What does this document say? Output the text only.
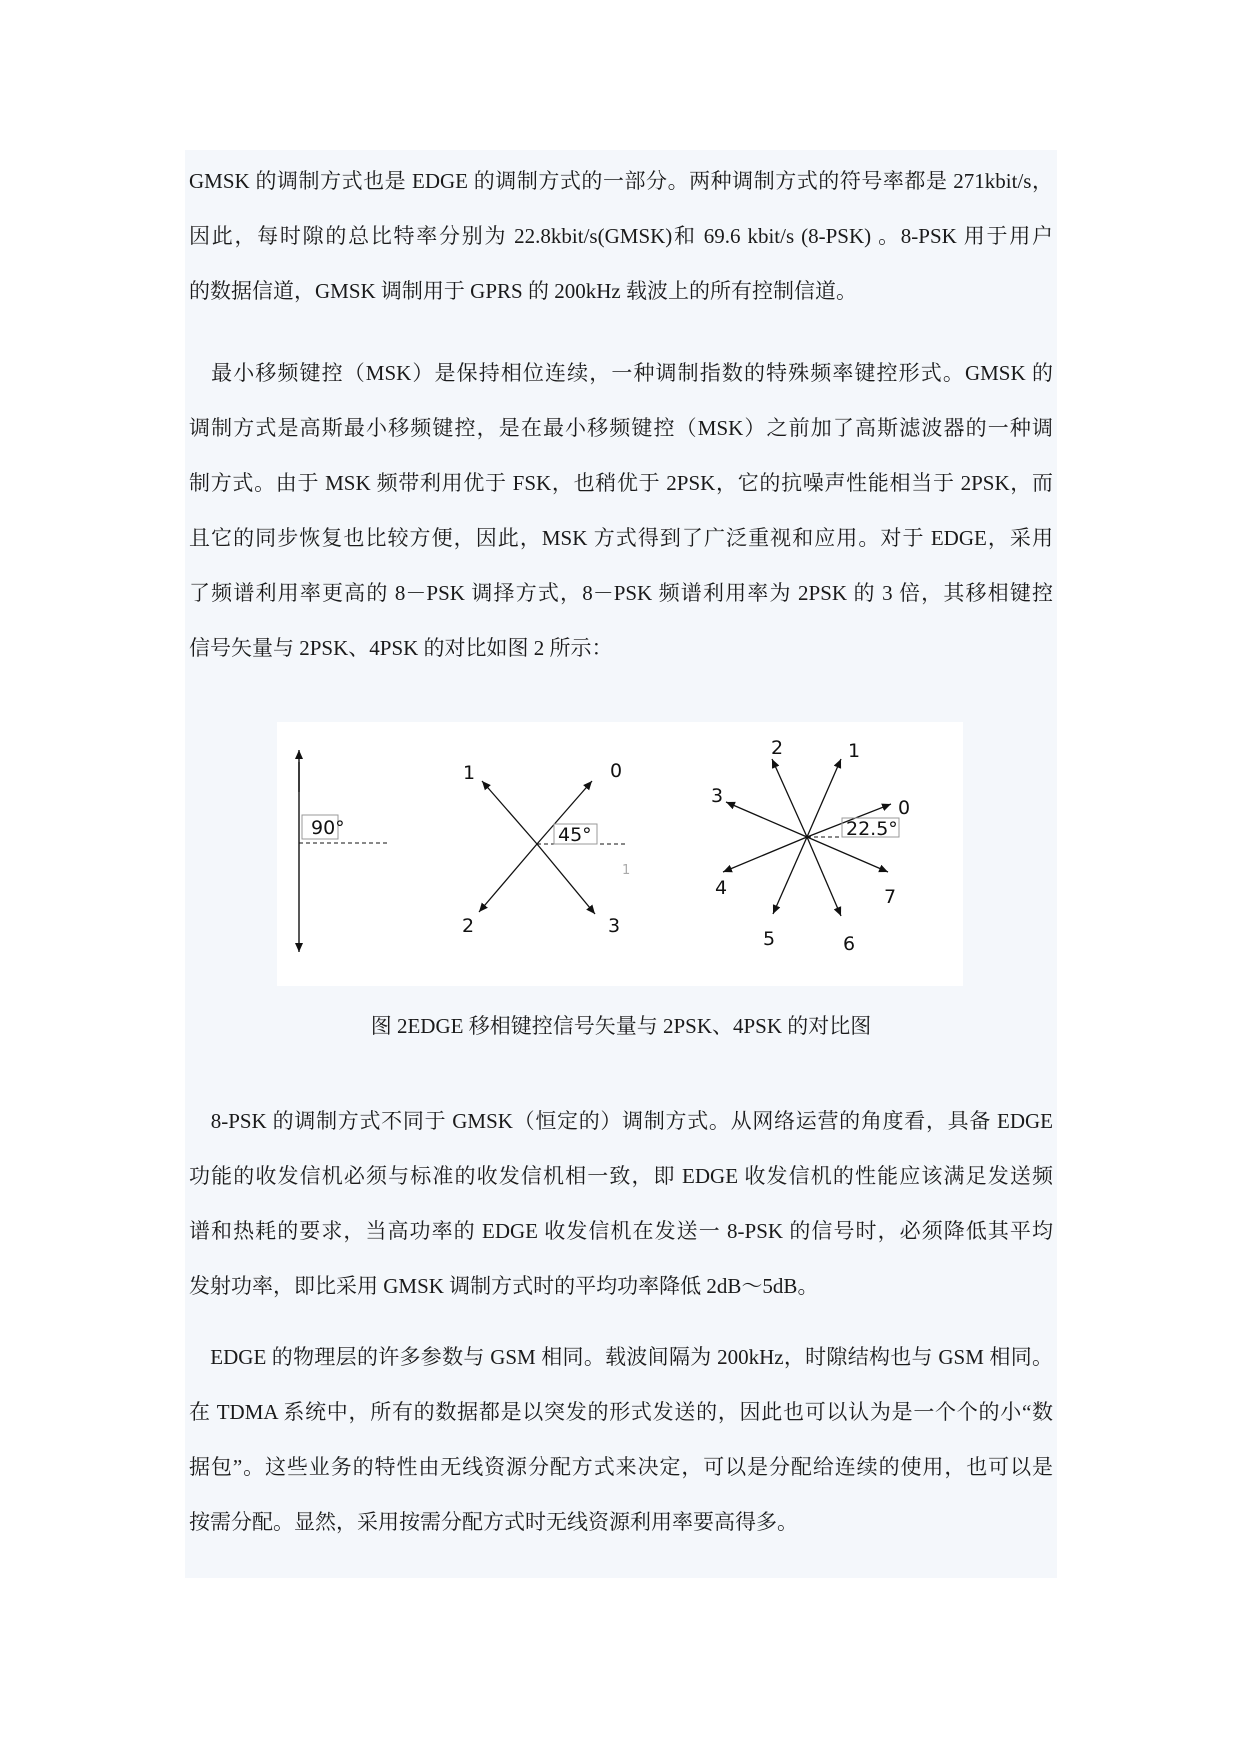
GMSK 的调制方式也是 EDGE 的调制方式的一部分。两种调制方式的符号率都是 271kbit/s，
因此，每时隙的总比特率分别为 22.8kbit/s(GMSK)和 69.6 kbit/s (8-PSK) 。8-PSK 用于用户
的数据信道，GMSK 调制用于 GPRS 的 200kHz 载波上的所有控制信道。
　最小移频键控（MSK）是保持相位连续，一种调制指数的特殊频率键控形式。GMSK 的
调制方式是高斯最小移频键控，是在最小移频键控（MSK）之前加了高斯滤波器的一种调
制方式。由于 MSK 频带利用优于 FSK，也稍优于 2PSK，它的抗噪声性能相当于 2PSK，而
且它的同步恢复也比较方便，因此，MSK 方式得到了广泛重视和应用。对于 EDGE，采用
了频谱利用率更高的 8－PSK 调择方式，8－PSK 频谱利用率为 2PSK 的 3 倍，其移相键控
信号矢量与 2PSK、4PSK 的对比如图 2 所示：
90°	45°
1	0
2	3
1
22.5°
0
1
2
3
4
5	6
7
图 2EDGE 移相键控信号矢量与 2PSK、4PSK 的对比图
　8-PSK 的调制方式不同于 GMSK（恒定的）调制方式。从网络运营的角度看，具备 EDGE
功能的收发信机必须与标准的收发信机相一致，即 EDGE 收发信机的性能应该满足发送频
谱和热耗的要求，当高功率的 EDGE 收发信机在发送一 8-PSK 的信号时，必须降低其平均
发射功率，即比采用 GMSK 调制方式时的平均功率降低 2dB～5dB。
　EDGE 的物理层的许多参数与 GSM 相同。载波间隔为 200kHz，时隙结构也与 GSM 相同。
在 TDMA 系统中，所有的数据都是以突发的形式发送的，因此也可以认为是一个个的小“数
据包”。这些业务的特性由无线资源分配方式来决定，可以是分配给连续的使用，也可以是
按需分配。显然，采用按需分配方式时无线资源利用率要高得多。
